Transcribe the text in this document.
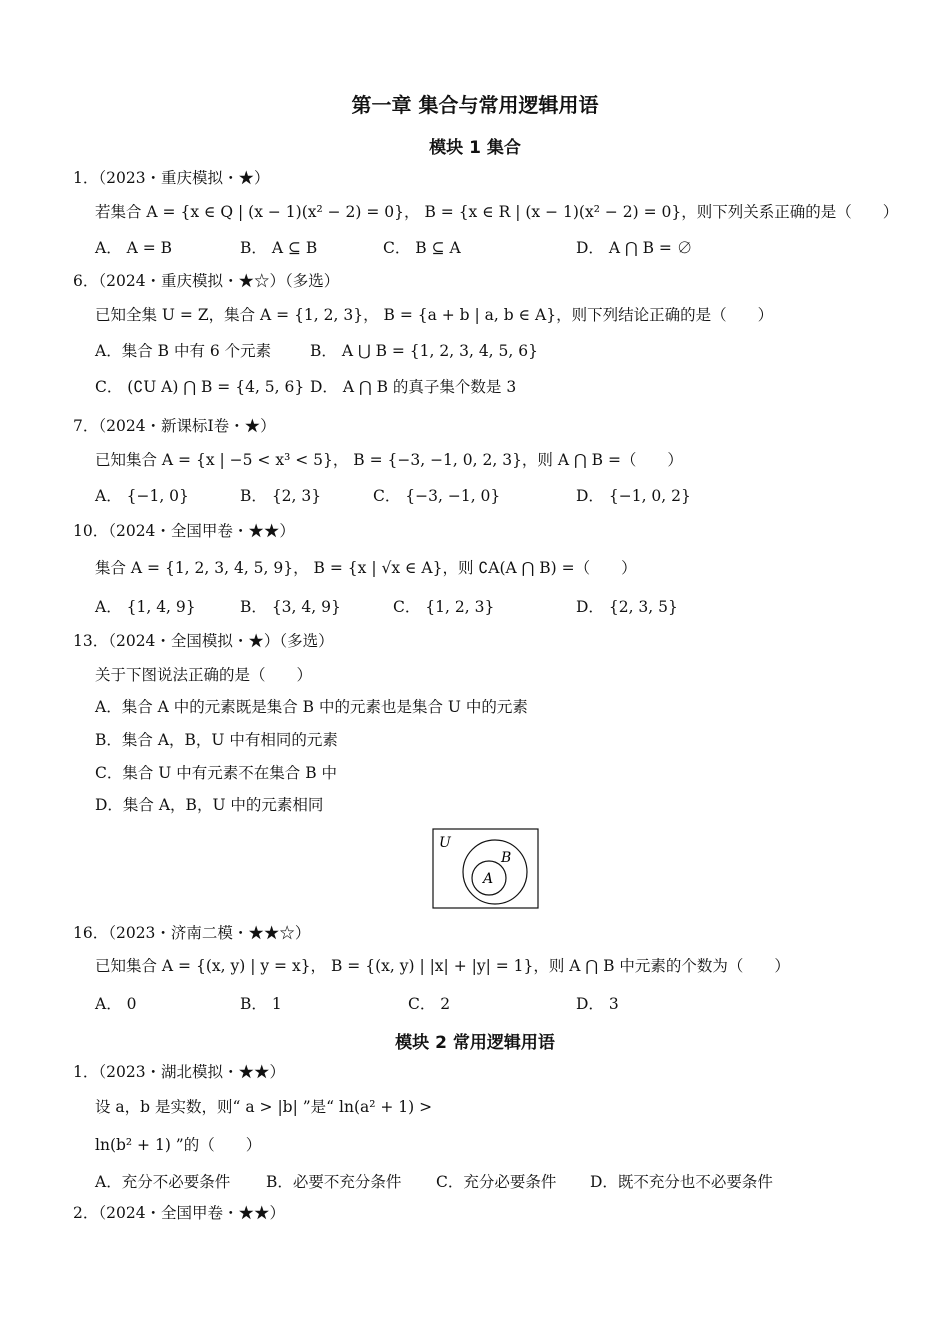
第一章 集合与常用逻辑用语
模块 1 集合
1．（2023・重庆模拟・★）
若集合 A = {x ∈ Q | (x − 1)(x² − 2) = 0}， B = {x ∈ R | (x − 1)(x² − 2) = 0}，则下列关系正确的是（　　）
A． A = B	B． A ⊆ B	C． B ⊆ A	D． A ⋂ B = ∅
6．（2024・重庆模拟・★☆）（多选）
已知全集 U = Z，集合 A = {1, 2, 3}， B = {a + b | a, b ∈ A}，则下列结论正确的是（　　）
A．集合 B 中有 6 个元素	B． A ⋃ B = {1, 2, 3, 4, 5, 6}
C． (∁U A) ⋂ B = {4, 5, 6} D． A ⋂ B 的真子集个数是 3
7．（2024・新课标Ⅰ卷・★）
已知集合 A = {x | −5 < x³ < 5}， B = {−3, −1, 0, 2, 3}，则 A ⋂ B =（　　）
A． {−1, 0}	B． {2, 3}	C． {−3, −1, 0}	D． {−1, 0, 2}
10．（2024・全国甲卷・★★）
集合 A = {1, 2, 3, 4, 5, 9}， B = {x | √x ∈ A}，则 ∁A(A ⋂ B) =（　　）
A． {1, 4, 9}	B． {3, 4, 9}	C． {1, 2, 3}	D． {2, 3, 5}
13．（2024・全国模拟・★）（多选）
关于下图说法正确的是（　　）
A．集合 A 中的元素既是集合 B 中的元素也是集合 U 中的元素
B．集合 A，B，U 中有相同的元素
C．集合 U 中有元素不在集合 B 中
D．集合 A，B，U 中的元素相同
U
B
A
16．（2023・济南二模・★★☆）
已知集合 A = {(x, y) | y = x}， B = {(x, y) | |x| + |y| = 1}，则 A ⋂ B 中元素的个数为（　　）
A． 0	B． 1	C． 2	D． 3
模块 2 常用逻辑用语
1．（2023・湖北模拟・★★）
设 a，b 是实数，则“ a > |b| ”是“ ln(a² + 1) >
ln(b² + 1) ”的（　　）
A．充分不必要条件 B．必要不充分条件 C．充分必要条件 D．既不充分也不必要条件
2．（2024・全国甲卷・★★）
